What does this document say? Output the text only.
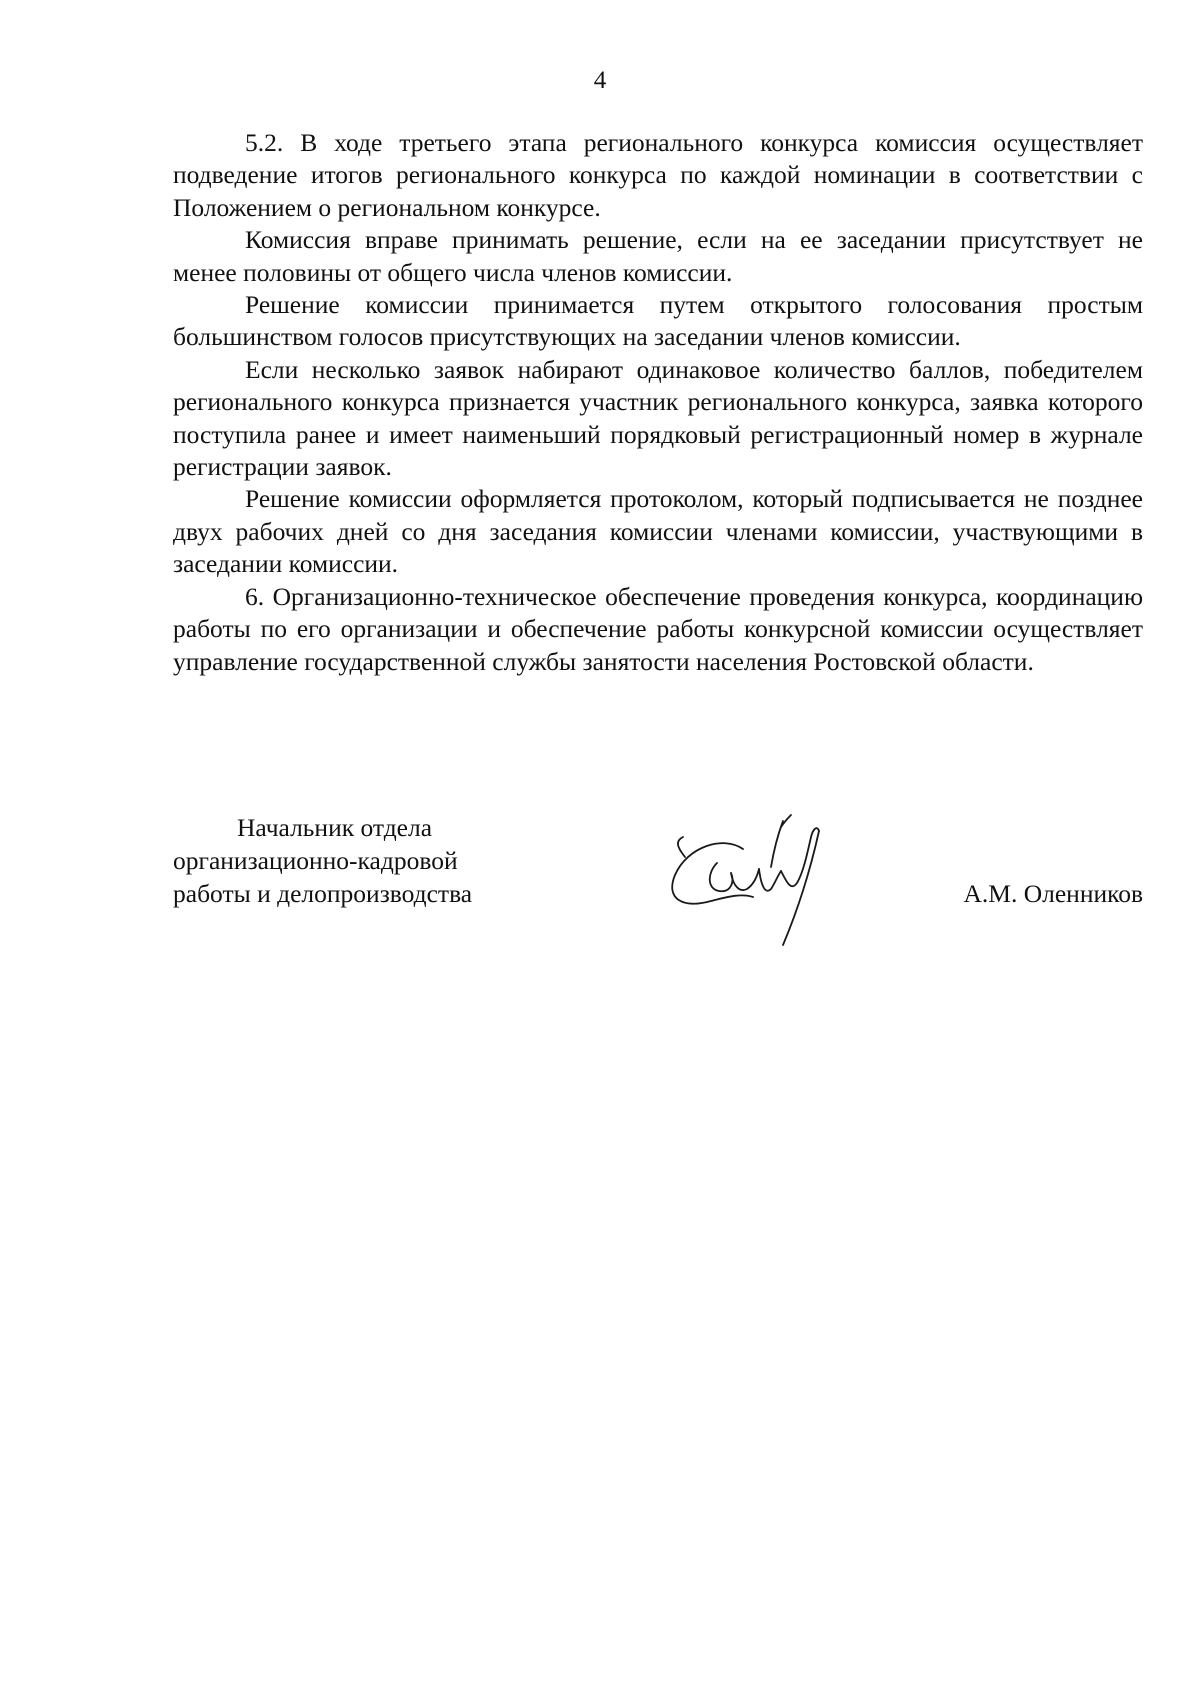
4

5.2. В ходе третьего этапа регионального конкурса комиссия осуществляет подведение итогов регионального конкурса по каждой номинации в соответствии с Положением о региональном конкурсе.

Комиссия вправе принимать решение, если на ее заседании присутствует не менее половины от общего числа членов комиссии.

Решение комиссии принимается путем открытого голосования простым большинством голосов присутствующих на заседании членов комиссии.

Если несколько заявок набирают одинаковое количество баллов, победителем регионального конкурса признается участник регионального конкурса, заявка которого поступила ранее и имеет наименьший порядковый регистрационный номер в журнале регистрации заявок.

Решение комиссии оформляется протоколом, который подписывается не позднее двух рабочих дней со дня заседания комиссии членами комиссии, участвующими в заседании комиссии.

6. Организационно-техническое обеспечение проведения конкурса, координацию работы по его организации и обеспечение работы конкурсной комиссии осуществляет управление государственной службы занятости населения Ростовской области.

Начальник отдела
организационно-кадровой
работы и делопроизводства	А.М. Оленников
